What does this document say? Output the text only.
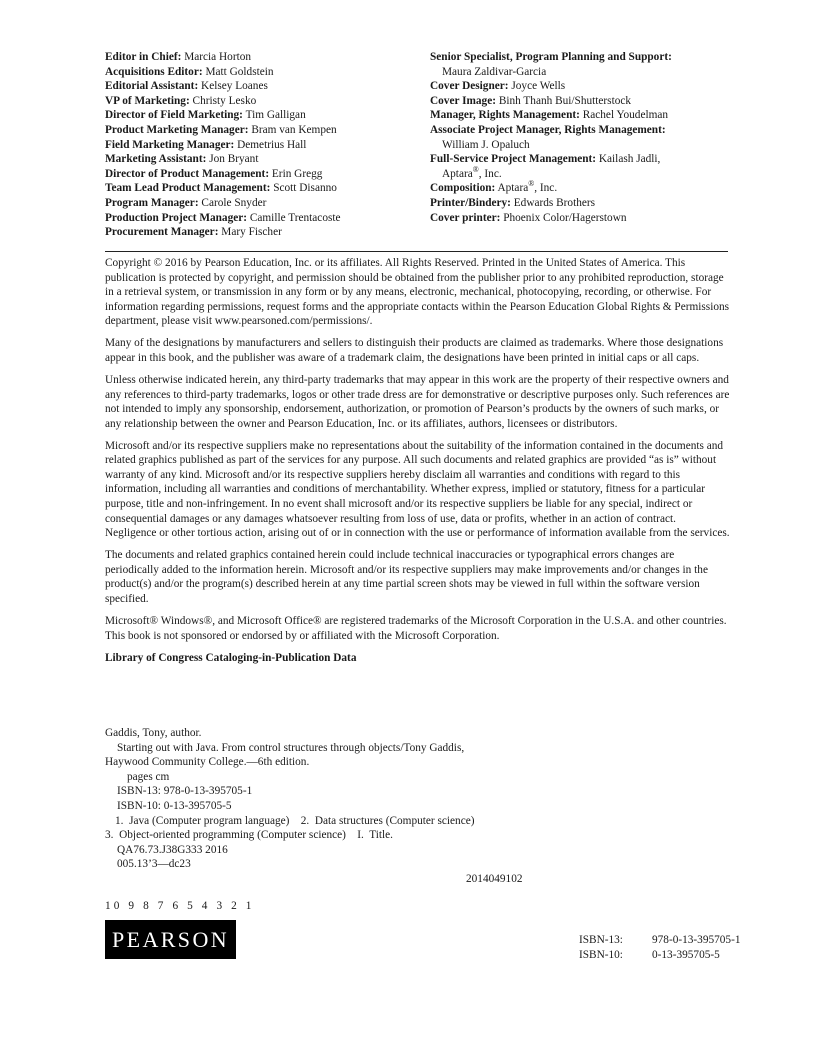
Editor in Chief: Marcia Horton
Acquisitions Editor: Matt Goldstein
Editorial Assistant: Kelsey Loanes
VP of Marketing: Christy Lesko
Director of Field Marketing: Tim Galligan
Product Marketing Manager: Bram van Kempen
Field Marketing Manager: Demetrius Hall
Marketing Assistant: Jon Bryant
Director of Product Management: Erin Gregg
Team Lead Product Management: Scott Disanno
Program Manager: Carole Snyder
Production Project Manager: Camille Trentacoste
Procurement Manager: Mary Fischer
Senior Specialist, Program Planning and Support:
Maura Zaldivar-Garcia
Cover Designer: Joyce Wells
Cover Image: Binh Thanh Bui/Shutterstock
Manager, Rights Management: Rachel Youdelman
Associate Project Manager, Rights Management:
William J. Opaluch
Full-Service Project Management: Kailash Jadli,
Aptara®, Inc.
Composition: Aptara®, Inc.
Printer/Bindery: Edwards Brothers
Cover printer: Phoenix Color/Hagerstown

Copyright © 2016 by Pearson Education, Inc. or its affiliates. All Rights Reserved. Printed in the United States of America. This publication is protected by copyright, and permission should be obtained from the publisher prior to any prohibited reproduction, storage in a retrieval system, or transmission in any form or by any means, electronic, mechanical, photocopying, recording, or otherwise. For information regarding permissions, request forms and the appropriate contacts within the Pearson Education Global Rights & Permissions department, please visit www.pearsoned.com/permissions/.

Many of the designations by manufacturers and sellers to distinguish their products are claimed as trademarks. Where those designations appear in this book, and the publisher was aware of a trademark claim, the designations have been printed in initial caps or all caps.

Unless otherwise indicated herein, any third-party trademarks that may appear in this work are the property of their respective owners and any references to third-party trademarks, logos or other trade dress are for demonstrative or descriptive purposes only. Such references are not intended to imply any sponsorship, endorsement, authorization, or promotion of Pearson’s products by the owners of such marks, or any relationship between the owner and Pearson Education, Inc. or its affiliates, authors, licensees or distributors.

Microsoft and/or its respective suppliers make no representations about the suitability of the information contained in the documents and related graphics published as part of the services for any purpose. All such documents and related graphics are provided “as is” without warranty of any kind. Microsoft and/or its respective suppliers hereby disclaim all warranties and conditions with regard to this information, including all warranties and conditions of merchantability. Whether express, implied or statutory, fitness for a particular purpose, title and non-infringement. In no event shall microsoft and/or its respective suppliers be liable for any special, indirect or consequential damages or any damages whatsoever resulting from loss of use, data or profits, whether in an action of contract. Negligence or other tortious action, arising out of or in connection with the use or performance of information available from the services.

The documents and related graphics contained herein could include technical inaccuracies or typographical errors changes are periodically added to the information herein. Microsoft and/or its respective suppliers may make improvements and/or changes in the product(s) and/or the program(s) described herein at any time partial screen shots may be viewed in full within the software version specified.

Microsoft® Windows®, and Microsoft Office® are registered trademarks of the Microsoft Corporation in the U.S.A. and other countries. This book is not sponsored or endorsed by or affiliated with the Microsoft Corporation.

Library of Congress Cataloging-in-Publication Data

Gaddis, Tony, author.
Starting out with Java. From control structures through objects/Tony Gaddis,
Haywood Community College.—6th edition.
pages cm
ISBN-13: 978-0-13-395705-1
ISBN-10: 0-13-395705-5
1.  Java (Computer program language)    2.  Data structures (Computer science)
3.  Object-oriented programming (Computer science)    I.  Title.
QA76.73.J38G333 2016
005.13’3—dc23
2014049102
10 9 8 7 6 5 4 3 2 1
PEARSON	ISBN-13:	978-0-13-395705-1
ISBN-10:	0-13-395705-5
